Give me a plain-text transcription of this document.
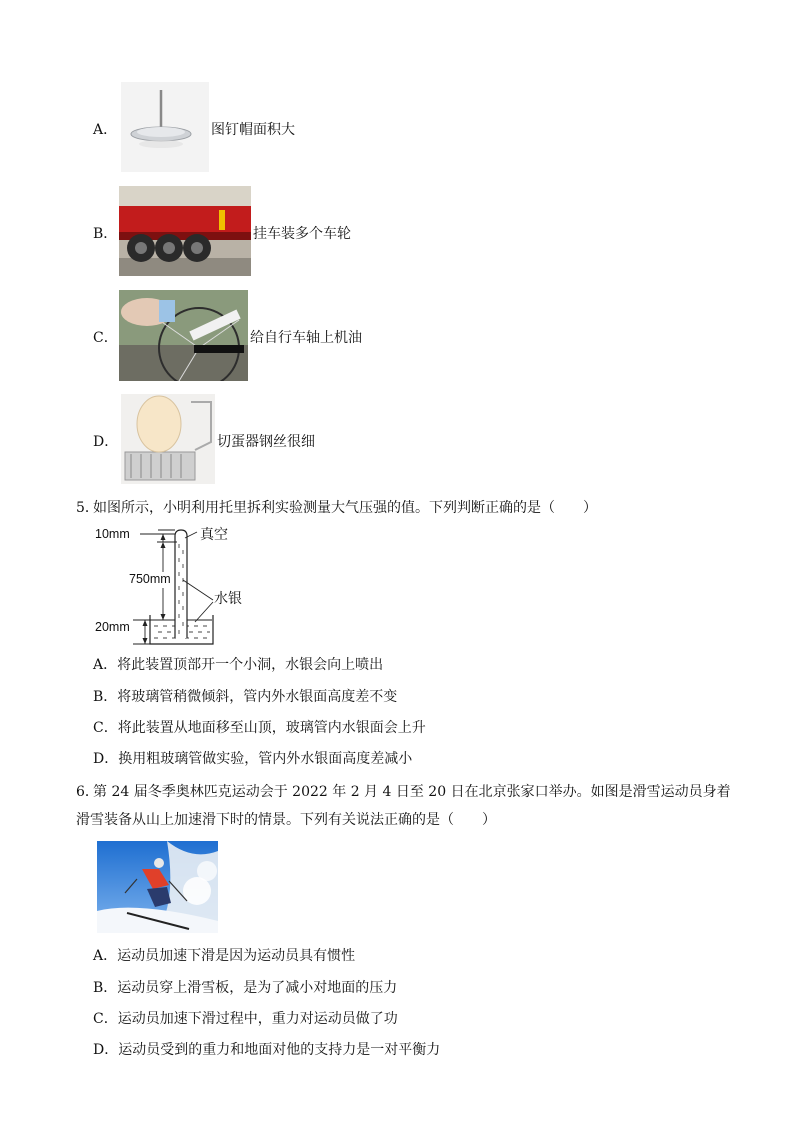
A．	图钉帽面积大
B．	挂车装多个车轮
C．	给自行车轴上机油
D．	切蛋器钢丝很细
5．
如图所示，小明利用托里拆利实验测量大气压强的值。下列判断正确的是（　　）
10mm	真空
750mm
水银
20mm
A．将此装置顶部开一个小洞，水银会向上喷出
B．将玻璃管稍微倾斜，管内外水银面高度差不变
C．将此装置从地面移至山顶，玻璃管内水银面会上升
D．换用粗玻璃管做实验，管内外水银面高度差减小
6．
第 24 届冬季奥林匹克运动会于 2022 年 2 月 4 日至 20 日在北京张家口举办。如图是滑雪运动员身着
滑雪装备从山上加速滑下时的情景。下列有关说法正确的是（　　）
A．运动员加速下滑是因为运动员具有惯性
B．运动员穿上滑雪板，是为了减小对地面的压力
C．运动员加速下滑过程中，重力对运动员做了功
D．运动员受到的重力和地面对他的支持力是一对平衡力
